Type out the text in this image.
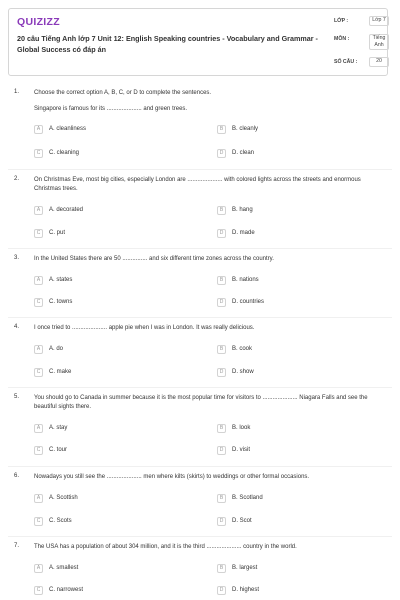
QUIZIZZ
20 câu Tiếng Anh lớp 7 Unit 12: English Speaking countries - Vocabulary and Grammar - Global Success có đáp án
LỚP :	Lớp 7
MÔN :	Tiếng Anh
SỐ CÂU :	20
1. Choose the correct option A, B, C, or D to complete the sentences.
Singapore is famous for its ..................... and green trees.
A	A. cleanliness	B	B. cleanly
C	C. cleaning	D	D. clean
2. On Christmas Eve, most big cities, especially London are ..................... with colored lights across the streets and enormous Christmas trees.
A	A. decorated	B	B. hang
C	C. put	D	D. made
3. In the United States there are 50 ............... and six different time zones across the country.
A	A. states	B	B. nations
C	C. towns	D	D. countries
4. I once tried to ..................... apple pie when I was in London. It was really delicious.
A	A. do	B	B. cook
C	C. make	D	D. show
5. You should go to Canada in summer because it is the most popular time for visitors to ..................... Niagara Falls and see the beautiful sights there.
A	A. stay	B	B. look
C	C. tour	D	D. visit
6. Nowadays you still see the ..................... men where kilts (skirts) to weddings or other formal occasions.
A	A. Scottish	B	B. Scotland
C	C. Scots	D	D. Scot
7. The USA has a population of about 304 million, and it is the third ..................... country in the world.
A	A. smallest	B	B. largest
C	C. narrowest	D	D. highest
